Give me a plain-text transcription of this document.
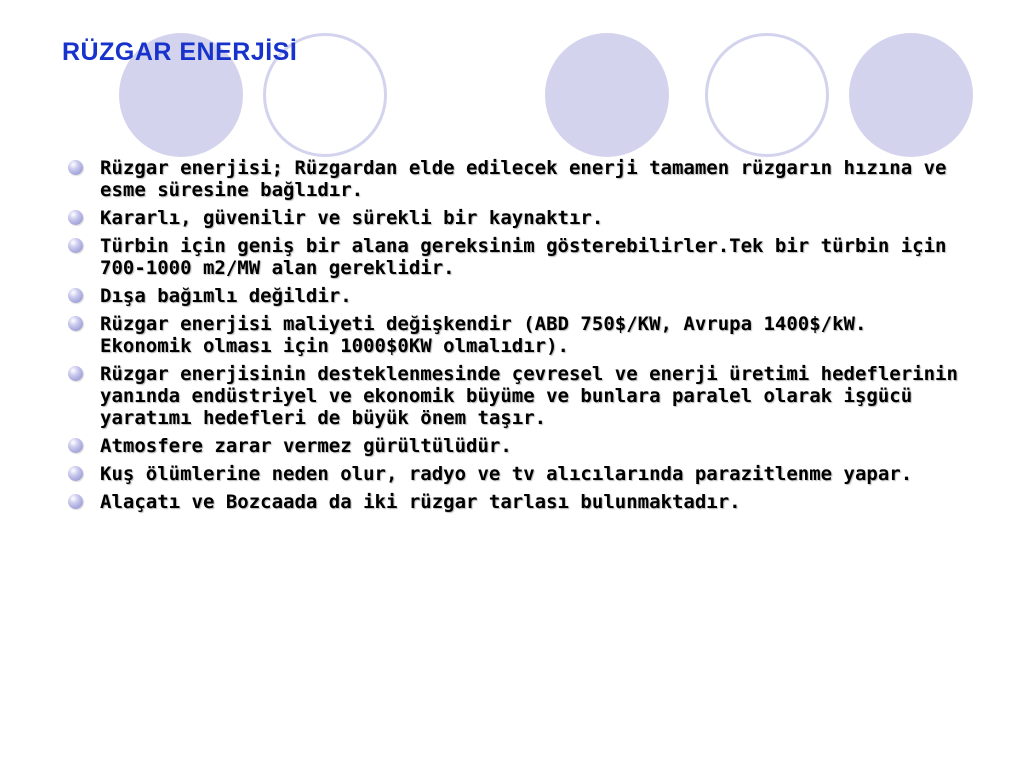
RÜZGAR ENERJİSİ
Rüzgar enerjisi; Rüzgardan elde edilecek enerji tamamen rüzgarın hızına ve esme süresine bağlıdır.
Kararlı, güvenilir ve sürekli bir kaynaktır.
Türbin için geniş bir alana gereksinim gösterebilirler.Tek bir türbin için 700-1000 m2/MW alan gereklidir.
Dışa bağımlı değildir.
Rüzgar enerjisi maliyeti değişkendir (ABD 750$/KW, Avrupa 1400$/kW. Ekonomik olması için 1000$0KW olmalıdır).
Rüzgar enerjisinin desteklenmesinde çevresel ve enerji üretimi hedeflerinin yanında endüstriyel ve ekonomik büyüme ve bunlara paralel olarak işgücü yaratımı hedefleri de büyük önem taşır.
Atmosfere zarar vermez gürültülüdür.
Kuş ölümlerine neden olur, radyo ve tv alıcılarında parazitlenme yapar.
Alaçatı ve Bozcaada da iki rüzgar tarlası bulunmaktadır.
